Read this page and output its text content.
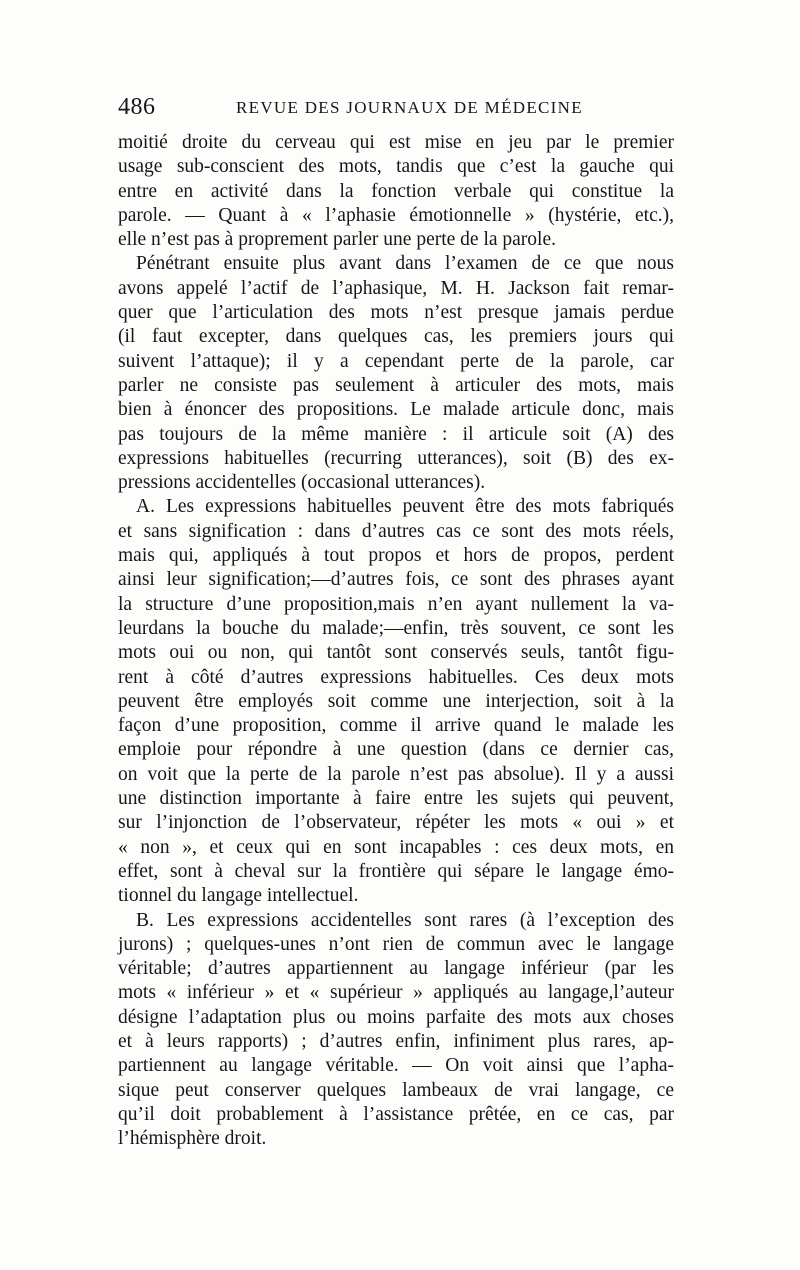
486	REVUE DES JOURNAUX DE MÉDECINE
moitié droite du cerveau qui est mise en jeu par le premier
usage sub-conscient des mots, tandis que c’est la gauche qui
entre en activité dans la fonction verbale qui constitue la
parole. — Quant à « l’aphasie émotionnelle » (hystérie, etc.),
elle n’est pas à proprement parler une perte de la parole.
Pénétrant ensuite plus avant dans l’examen de ce que nous
avons appelé l’actif de l’aphasique, M. H. Jackson fait remar-
quer que l’articulation des mots n’est presque jamais perdue
(il faut excepter, dans quelques cas, les premiers jours qui
suivent l’attaque); il y a cependant perte de la parole, car
parler ne consiste pas seulement à articuler des mots, mais
bien à énoncer des propositions. Le malade articule donc, mais
pas toujours de la même manière : il articule soit (A) des
expressions habituelles (recurring utterances), soit (B) des ex-
pressions accidentelles (occasional utterances).
A. Les expressions habituelles peuvent être des mots fabriqués
et sans signification : dans d’autres cas ce sont des mots réels,
mais qui, appliqués à tout propos et hors de propos, perdent
ainsi leur signification;—d’autres fois, ce sont des phrases ayant
la structure d’une proposition,mais n’en ayant nullement la va-
leurdans la bouche du malade;—enfin, très souvent, ce sont les
mots oui ou non, qui tantôt sont conservés seuls, tantôt figu-
rent à côté d’autres expressions habituelles. Ces deux mots
peuvent être employés soit comme une interjection, soit à la
façon d’une proposition, comme il arrive quand le malade les
emploie pour répondre à une question (dans ce dernier cas,
on voit que la perte de la parole n’est pas absolue). Il y a aussi
une distinction importante à faire entre les sujets qui peuvent,
sur l’injonction de l’observateur, répéter les mots « oui » et
« non », et ceux qui en sont incapables : ces deux mots, en
effet, sont à cheval sur la frontière qui sépare le langage émo-
tionnel du langage intellectuel.
B. Les expressions accidentelles sont rares (à l’exception des
jurons) ; quelques-unes n’ont rien de commun avec le langage
véritable; d’autres appartiennent au langage inférieur (par les
mots « inférieur » et « supérieur » appliqués au langage,l’auteur
désigne l’adaptation plus ou moins parfaite des mots aux choses
et à leurs rapports) ; d’autres enfin, infiniment plus rares, ap-
partiennent au langage véritable. — On voit ainsi que l’apha-
sique peut conserver quelques lambeaux de vrai langage, ce
qu’il doit probablement à l’assistance prêtée, en ce cas, par
l’hémisphère droit.
